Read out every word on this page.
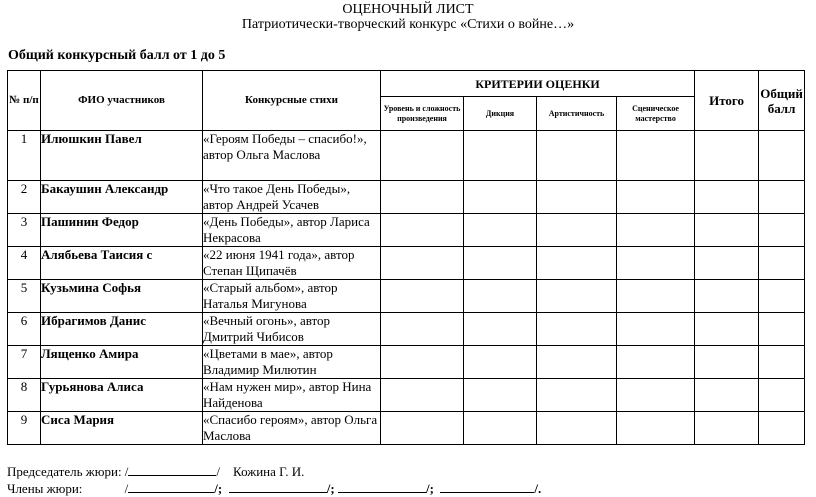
ОЦЕНОЧНЫЙ ЛИСТ
Патриотически-творческий конкурс «Стихи о войне…»
Общий конкурсный балл от 1 до 5
№ п/п	ФИО участников	Конкурсные стихи	КРИТЕРИИ ОЦЕНКИ				Итого	Общий балл
			Уровень и сложность произведения	Дикция	Артистичность	Сценическое мастерство		
1	Илюшкин Павел	«Героям Победы – спасибо!», автор Ольга Маслова						
2	Бакаушин Александр	«Что такое День Победы», автор Андрей Усачев						
3	Пашинин Федор	«День Победы», автор Лариса Некрасова						
4	Алябьева Таисия с	«22 июня 1941 года», автор Степан Щипачёв						
5	Кузьмина Софья	«Старый альбом», автор Наталья Мигунова						
6	Ибрагимов Данис	«Вечный огонь», автор Дмитрий Чибисов						
7	Лященко Амира	«Цветами в мае», автор Владимир Милютин						
8	Гурьянова Алиса	«Нам нужен мир», автор Нина Найденова						
9	Сиса Мария	«Спасибо героям», автор Ольга Маслова						
Председатель жюри: /	/ Кожина Г. И.
Члены жюри:	/	/;	/;	/;	/.
